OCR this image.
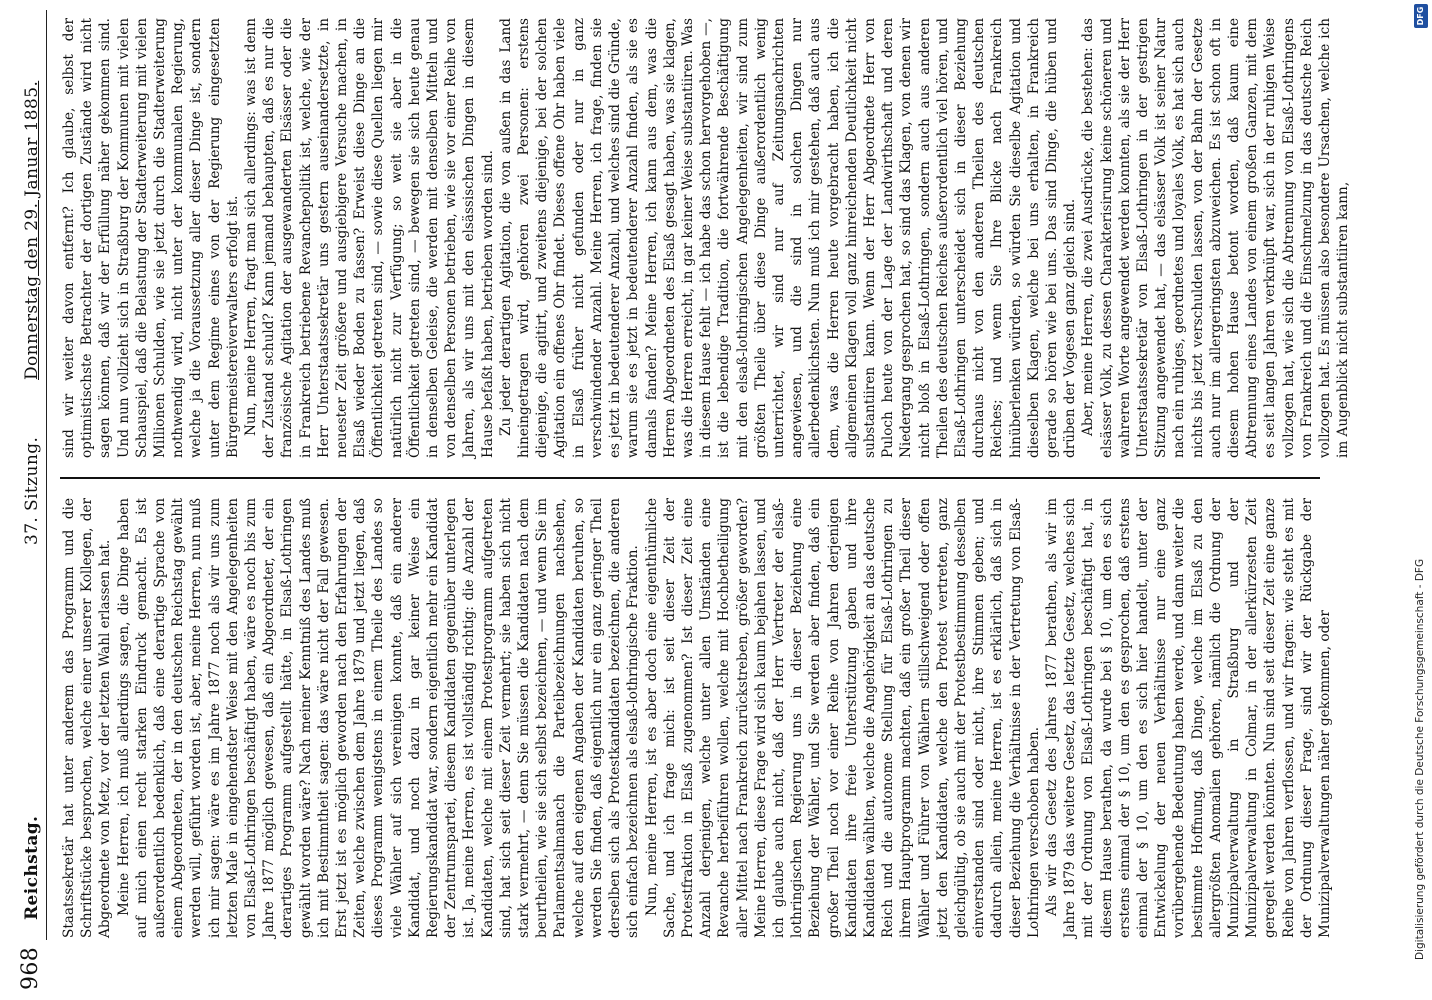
968
Reichstag.
37. Sitzung.
Donnerstag den 29. Januar 1885.

Staatssekretär hat unter anderem das Programm und die Schriftstücke besprochen, welche einer unserer Kollegen, der Abgeordnete von Metz, vor der letzten Wahl erlassen hat. Meine Herren, ich muß allerdings sagen, die Dinge haben auf mich einen recht starken Eindruck gemacht. Es ist außerordentlich bedenklich, daß eine derartige Sprache von einem Abgeordneten, der in den deutschen Reichstag gewählt werden will, geführt worden ist, aber, meine Herren, nun muß ich mir sagen: wäre es im Jahre 1877 noch als wir uns zum letzten Male in eingehendster Weise mit den Angelegenheiten von Elsaß-Lothringen beschäftigt haben, wäre es noch bis zum Jahre 1877 möglich gewesen, daß ein Abgeordneter, der ein derartiges Programm aufgestellt hätte, in Elsaß-Lothringen gewählt worden wäre? Nach meiner Kenntniß des Landes muß ich mit Bestimmtheit sagen: das wäre nicht der Fall gewesen. Erst jetzt ist es möglich geworden nach den Erfahrungen der Zeiten, welche zwischen dem Jahre 1879 und jetzt liegen, daß dieses Programm wenigstens in einem Theile des Landes so viele Wähler auf sich vereinigen konnte, daß ein anderer Kandidat, und noch dazu in gar keiner Weise ein Regierungskandidat war, sondern eigentlich mehr ein Kandidat der Zentrumspartei, diesem Kandidaten gegenüber unterlegen ist. Ja, meine Herren, es ist vollständig richtig: die Anzahl der Kandidaten, welche mit einem Protestprogramm aufgetreten sind, hat sich seit dieser Zeit vermehrt; sie haben sich nicht stark vermehrt, — denn Sie müssen die Kandidaten nach dem beurtheilen, wie sie sich selbst bezeichnen, — und wenn Sie im Parlamentsalmanach die Parteibezeichnungen nachsehen, welche auf den eigenen Angaben der Kandidaten beruhen, so werden Sie finden, daß eigentlich nur ein ganz geringer Theil derselben sich als Protestkandidaten bezeichnen, die anderen sich einfach bezeichnen als elsaß-lothringische Fraktion. Nun, meine Herren, ist es aber doch eine eigenthümliche Sache, und ich frage mich: ist seit dieser Zeit der Protestfraktion in Elsaß zugenommen? Ist dieser Zeit eine Anzahl derjenigen, welche unter allen Umständen eine Revanche herbeiführen wollen, welche mit Hochbetheiligung aller Mittel nach Frankreich zurückstreben, größer geworden? Meine Herren, diese Frage wird sich kaum bejahen lassen, und ich glaube auch nicht, daß der Herr Vertreter der elsaß-lothringischen Regierung uns in dieser Beziehung eine Beziehung der Wähler, und Sie werden aber finden, daß ein großer Theil noch vor einer Reihe von Jahren derjenigen Kandidaten ihre freie Unterstützung gaben und ihre Kandidaten wählten, welche die Angehörigkeit an das deutsche Reich und die autonome Stellung für Elsaß-Lothringen zu ihrem Hauptprogramm machten, daß ein großer Theil dieser Wähler und Führer von Wählern stillschweigend oder offen jetzt den Kandidaten, welche den Protest vertreten, ganz gleichgültig, ob sie auch mit der Protestbestimmung desselben einverstanden sind oder nicht, ihre Stimmen geben; und dadurch allein, meine Herren, ist es erklärlich, daß sich in dieser Beziehung die Verhältnisse in der Vertretung von Elsaß-Lothringen verschoben haben. Als wir das Gesetz des Jahres 1877 berathen, als wir im Jahre 1879 das weitere Gesetz, das letzte Gesetz, welches sich mit der Ordnung von Elsaß-Lothringen beschäftigt hat, in diesem Hause berathen, da wurde bei § 10, um den es sich erstens einmal der § 10, um den es gesprochen, daß erstens einmal der § 10, um den es sich hier handelt, unter der Entwickelung der neuen Verhältnisse nur eine ganz vorübergehende Bedeutung haben werde, und dann weiter die bestimmte Hoffnung, daß Dinge, welche im Elsaß zu den allergrößten Anomalien gehören, nämlich die Ordnung der Munizipalverwaltung in Straßburg und der Munizipalverwaltung in Colmar, in der allerkürzesten Zeit geregelt werden könnten. Nun sind seit dieser Zeit eine ganze Reihe von Jahren verflossen, und wir fragen: wie steht es mit der Ordnung dieser Frage, sind wir der Rückgabe der Munizipalverwaltungen näher gekommen, oder

sind wir weiter davon entfernt? Ich glaube, selbst der optimistischste Betrachter der dortigen Zustände wird nicht sagen können, daß wir der Erfüllung näher gekommen sind. Und nun vollzieht sich in Straßburg der Kommunen mit vielen Schauspiel, daß die Belastung der Stadterweiterung mit vielen Millionen Schulden, wie sie jetzt durch die Stadterweiterung nothwendig wird, nicht unter der kommunalen Regierung, welche ja die Voraussetzung aller dieser Dinge ist, sondern unter dem Regime eines von der Regierung eingesetzten Bürgermeistereiverwalters erfolgt ist. Nun, meine Herren, fragt man sich allerdings: was ist denn der Zustand schuld? Kann jemand behaupten, daß es nur die französische Agitation der ausgewanderten Elsässer oder die in Frankreich betriebene Revanchepolitik ist, welche, wie der Herr Unterstaatssekretär uns gestern auseinandersetzte, in neuester Zeit größere und ausgiebigere Versuche machen, in Elsaß wieder Boden zu fassen? Erweist diese Dinge an die Öffentlichkeit getreten sind, — sowie diese Quellen liegen mir natürlich nicht zur Verfügung; so weit sie aber in die Öffentlichkeit getreten sind, — bewegen sie sich heute genau in denselben Geleise, die werden mit denselben Mitteln und von denselben Personen betrieben, wie sie vor einer Reihe von Jahren, als wir uns mit den elsässischen Dingen in diesem Hause befaßt haben, betrieben worden sind. Zu jeder derartigen Agitation, die von außen in das Land hineingetragen wird, gehören zwei Personen: erstens diejenige, die agitirt, und zweitens diejenige, bei der solchen Agitation ein offenes Ohr findet. Dieses offene Ohr haben viele in Elsaß früher nicht gefunden oder nur in ganz verschwindender Anzahl. Meine Herren, ich frage, finden sie es jetzt in bedeutenderer Anzahl, und welches sind die Gründe, warum sie es jetzt in bedeutenderer Anzahl finden, als sie es damals fanden? Meine Herren, ich kann aus dem, was die Herren Abgeordneten des Elsaß gesagt haben, was sie klagen, was die Herren erreicht, in gar keiner Weise substantiiren. Was in diesem Hause fehlt — ich habe das schon hervorgehoben —, ist die lebendige Tradition, die fortwährende Beschäftigung mit den elsaß-lothringischen Angelegenheiten, wir sind zum größten Theile über diese Dinge außerordentlich wenig unterrichtet, wir sind nur auf Zeitungsnachrichten angewiesen, und die sind in solchen Dingen nur allerbedenklichsten. Nun muß ich mir gestehen, daß auch aus dem, was die Herren heute vorgebracht haben, ich die allgemeinen Klagen voll ganz hinreichenden Deutlichkeit nicht substantiiren kann. Wenn der Herr Abgeordnete Herr von Puloch heute von der Lage der Landwirthschaft und deren Niedergang gesprochen hat, so sind das Klagen, von denen wir nicht bloß in Elsaß-Lothringen, sondern auch aus anderen Theilen des deutschen Reiches außerordentlich viel hören, und Elsaß-Lothringen unterscheidet sich in dieser Beziehung durchaus nicht von den anderen Theilen des deutschen Reiches; und wenn Sie Ihre Blicke nach Frankreich hinüberlenken würden, so würden Sie dieselbe Agitation und dieselben Klagen, welche bei uns erhalten, in Frankreich gerade so hören wie bei uns. Das sind Dinge, die hüben und drüben der Vogesen ganz gleich sind. Aber, meine Herren, die zwei Ausdrücke, die bestehen: das elsässer Volk, zu dessen Charakterisirung keine schöneren und wahreren Worte angewendet werden konnten, als sie der Herr Unterstaatssekretär von Elsaß-Lothringen in der gestrigen Sitzung angewendet hat, — das elsässer Volk ist seiner Natur nach ein ruhiges, geordnetes und loyales Volk, es hat sich auch nichts bis jetzt verschulden lassen, von der Bahn der Gesetze auch nur im allergeringsten abzuweichen. Es ist schon oft in diesem hohen Hause betont worden, daß kaum eine Abtrennung eines Landes von einem großen Ganzen, mit dem es seit langen Jahren verknüpft war, sich in der ruhigen Weise vollzogen hat, wie sich die Abtrennung von Elsaß-Lothringens von Frankreich und die Einschmelzung in das deutsche Reich vollzogen hat. Es müssen also besondere Ursachen, welche ich im Augenblick nicht substantiiren kann,

DFG
Digitalisierung gefördert durch die Deutsche Forschungsgemeinschaft - DFG
